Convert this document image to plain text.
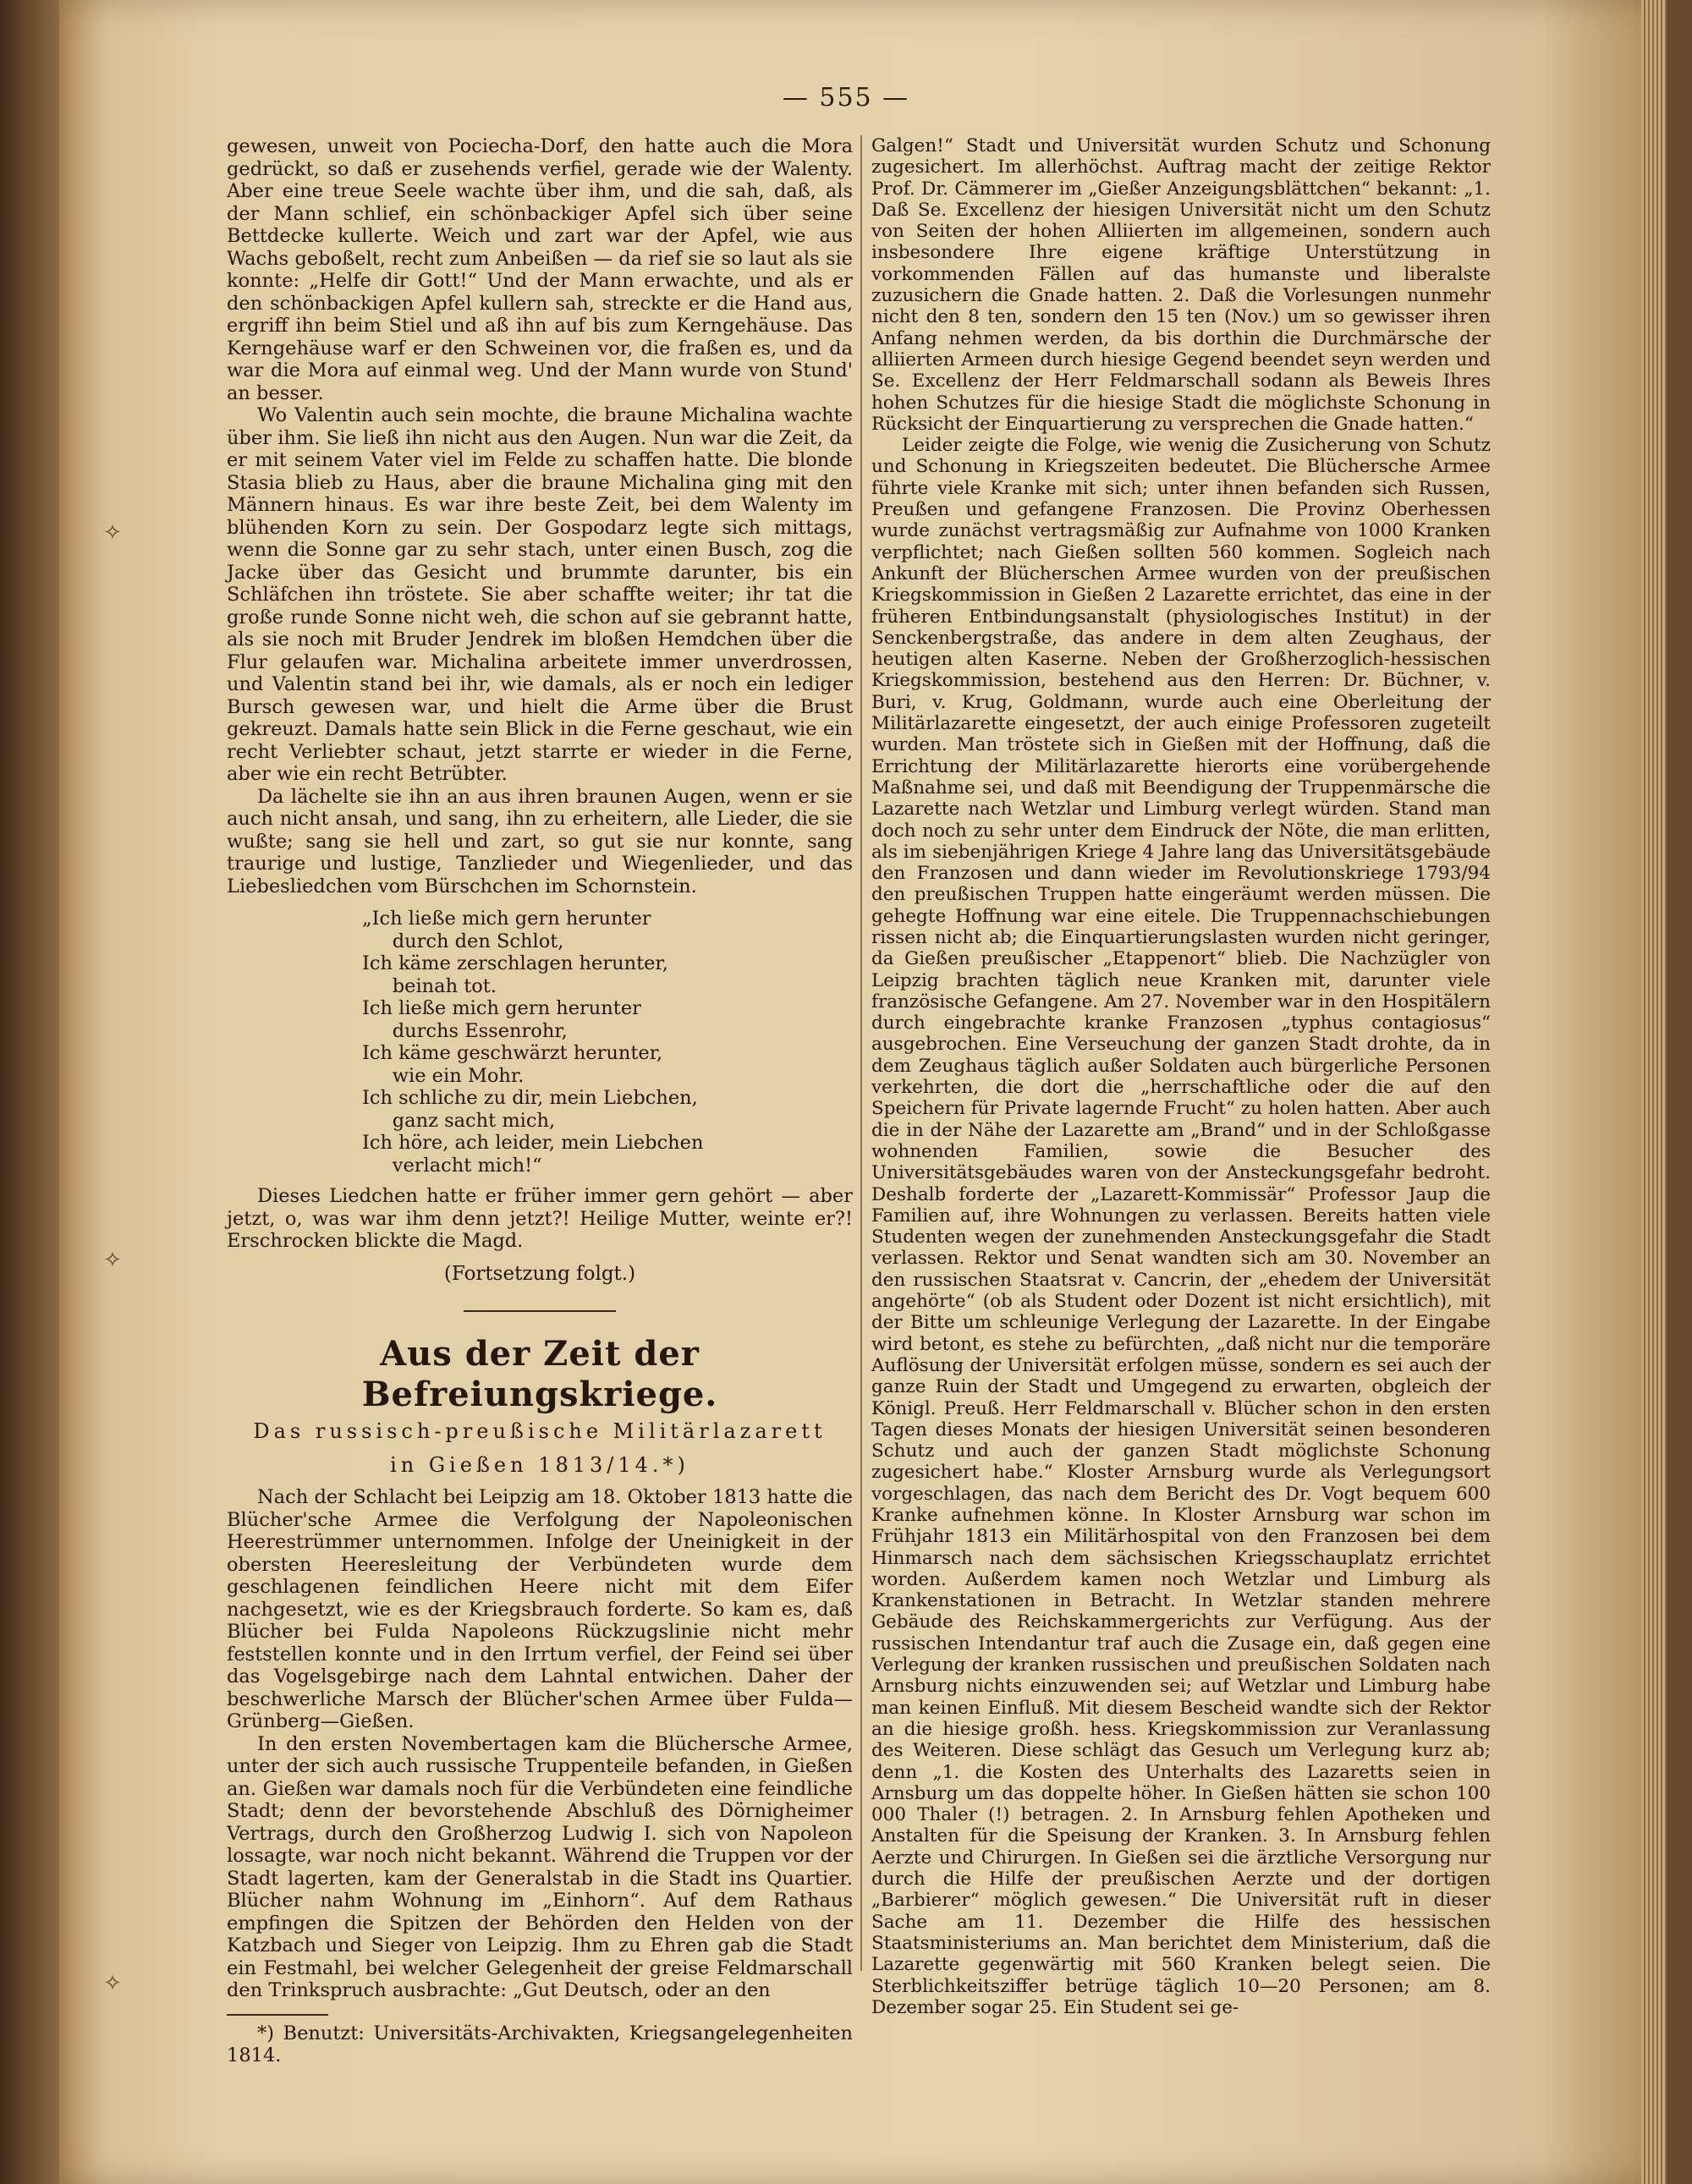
✧
✧
✧
— 555 —

gewesen, unweit von Pociecha-Dorf, den hatte auch die Mora gedrückt, so daß er zusehends verfiel, gerade wie der Walenty. Aber eine treue Seele wachte über ihm, und die sah, daß, als der Mann schlief, ein schönbackiger Apfel sich über seine Bettdecke kullerte. Weich und zart war der Apfel, wie aus Wachs geboßelt, recht zum Anbeißen — da rief sie so laut als sie konnte: „Helfe dir Gott!“ Und der Mann erwachte, und als er den schönbackigen Apfel kullern sah, streckte er die Hand aus, ergriff ihn beim Stiel und aß ihn auf bis zum Kerngehäuse. Das Kerngehäuse warf er den Schweinen vor, die fraßen es, und da war die Mora auf einmal weg. Und der Mann wurde von Stund' an besser.

Wo Valentin auch sein mochte, die braune Michalina wachte über ihm. Sie ließ ihn nicht aus den Augen. Nun war die Zeit, da er mit seinem Vater viel im Felde zu schaffen hatte. Die blonde Stasia blieb zu Haus, aber die braune Michalina ging mit den Männern hinaus. Es war ihre beste Zeit, bei dem Walenty im blühenden Korn zu sein. Der Gospodarz legte sich mittags, wenn die Sonne gar zu sehr stach, unter einen Busch, zog die Jacke über das Gesicht und brummte darunter, bis ein Schläfchen ihn tröstete. Sie aber schaffte weiter; ihr tat die große runde Sonne nicht weh, die schon auf sie gebrannt hatte, als sie noch mit Bruder Jendrek im bloßen Hemdchen über die Flur gelaufen war. Michalina arbeitete immer unverdrossen, und Valentin stand bei ihr, wie damals, als er noch ein lediger Bursch gewesen war, und hielt die Arme über die Brust gekreuzt. Damals hatte sein Blick in die Ferne geschaut, wie ein recht Verliebter schaut, jetzt starrte er wieder in die Ferne, aber wie ein recht Betrübter.

Da lächelte sie ihn an aus ihren braunen Augen, wenn er sie auch nicht ansah, und sang, ihn zu erheitern, alle Lieder, die sie wußte; sang sie hell und zart, so gut sie nur konnte, sang traurige und lustige, Tanzlieder und Wiegenlieder, und das Liebesliedchen vom Bürschchen im Schornstein.

„Ich ließe mich gern herunter
durch den Schlot,
Ich käme zerschlagen herunter,
beinah tot.
Ich ließe mich gern herunter
durchs Essenrohr,
Ich käme geschwärzt herunter,
wie ein Mohr.
Ich schliche zu dir, mein Liebchen,
ganz sacht mich,
Ich höre, ach leider, mein Liebchen
verlacht mich!“

Dieses Liedchen hatte er früher immer gern gehört — aber jetzt, o, was war ihm denn jetzt?! Heilige Mutter, weinte er?! Erschrocken blickte die Magd.

(Fortsetzung folgt.)
Aus der Zeit der Befreiungskriege.
Das russisch-preußische Militärlazarett
in Gießen 1813/14.*)

Nach der Schlacht bei Leipzig am 18. Oktober 1813 hatte die Blücher'sche Armee die Verfolgung der Napoleonischen Heerestrümmer unternommen. Infolge der Uneinigkeit in der obersten Heeresleitung der Verbündeten wurde dem geschlagenen feindlichen Heere nicht mit dem Eifer nachgesetzt, wie es der Kriegsbrauch forderte. So kam es, daß Blücher bei Fulda Napoleons Rückzugslinie nicht mehr feststellen konnte und in den Irrtum verfiel, der Feind sei über das Vogelsgebirge nach dem Lahntal entwichen. Daher der beschwerliche Marsch der Blücher'schen Armee über Fulda—Grünberg—Gießen.

In den ersten Novembertagen kam die Blüchersche Armee, unter der sich auch russische Truppenteile befanden, in Gießen an. Gießen war damals noch für die Verbündeten eine feindliche Stadt; denn der bevorstehende Abschluß des Dörnigheimer Vertrags, durch den Großherzog Ludwig I. sich von Napoleon lossagte, war noch nicht bekannt. Während die Truppen vor der Stadt lagerten, kam der Generalstab in die Stadt ins Quartier. Blücher nahm Wohnung im „Einhorn“. Auf dem Rathaus empfingen die Spitzen der Behörden den Helden von der Katzbach und Sieger von Leipzig. Ihm zu Ehren gab die Stadt ein Festmahl, bei welcher Gelegenheit der greise Feldmarschall den Trinkspruch ausbrachte: „Gut Deutsch, oder an den

*) Benutzt: Universitäts-Archivakten, Kriegsangelegenheiten 1814.

Galgen!“ Stadt und Universität wurden Schutz und Schonung zugesichert. Im allerhöchst. Auftrag macht der zeitige Rektor Prof. Dr. Cämmerer im „Gießer Anzeigungsblättchen“ bekannt: „1. Daß Se. Excellenz der hiesigen Universität nicht um den Schutz von Seiten der hohen Alliierten im allgemeinen, sondern auch insbesondere Ihre eigene kräftige Unterstützung in vorkommenden Fällen auf das humanste und liberalste zuzusichern die Gnade hatten. 2. Daß die Vorlesungen nunmehr nicht den 8 ten, sondern den 15 ten (Nov.) um so gewisser ihren Anfang nehmen werden, da bis dorthin die Durchmärsche der alliierten Armeen durch hiesige Gegend beendet seyn werden und Se. Excellenz der Herr Feldmarschall sodann als Beweis Ihres hohen Schutzes für die hiesige Stadt die möglichste Schonung in Rücksicht der Einquartierung zu versprechen die Gnade hatten.“

Leider zeigte die Folge, wie wenig die Zusicherung von Schutz und Schonung in Kriegszeiten bedeutet. Die Blüchersche Armee führte viele Kranke mit sich; unter ihnen befanden sich Russen, Preußen und gefangene Franzosen. Die Provinz Oberhessen wurde zunächst vertragsmäßig zur Aufnahme von 1000 Kranken verpflichtet; nach Gießen sollten 560 kommen. Sogleich nach Ankunft der Blücherschen Armee wurden von der preußischen Kriegskommission in Gießen 2 Lazarette errichtet, das eine in der früheren Entbindungsanstalt (physiologisches Institut) in der Senckenbergstraße, das andere in dem alten Zeughaus, der heutigen alten Kaserne. Neben der Großherzoglich-hessischen Kriegskommission, bestehend aus den Herren: Dr. Büchner, v. Buri, v. Krug, Goldmann, wurde auch eine Oberleitung der Militärlazarette eingesetzt, der auch einige Professoren zugeteilt wurden. Man tröstete sich in Gießen mit der Hoffnung, daß die Errichtung der Militärlazarette hierorts eine vorübergehende Maßnahme sei, und daß mit Beendigung der Truppenmärsche die Lazarette nach Wetzlar und Limburg verlegt würden. Stand man doch noch zu sehr unter dem Eindruck der Nöte, die man erlitten, als im siebenjährigen Kriege 4 Jahre lang das Universitätsgebäude den Franzosen und dann wieder im Revolutionskriege 1793/94 den preußischen Truppen hatte eingeräumt werden müssen. Die gehegte Hoffnung war eine eitele. Die Truppennachschiebungen rissen nicht ab; die Einquartierungslasten wurden nicht geringer, da Gießen preußischer „Etappenort“ blieb. Die Nachzügler von Leipzig brachten täglich neue Kranken mit, darunter viele französische Gefangene. Am 27. November war in den Hospitälern durch eingebrachte kranke Franzosen „typhus contagiosus“ ausgebrochen. Eine Verseuchung der ganzen Stadt drohte, da in dem Zeughaus täglich außer Soldaten auch bürgerliche Personen verkehrten, die dort die „herrschaftliche oder die auf den Speichern für Private lagernde Frucht“ zu holen hatten. Aber auch die in der Nähe der Lazarette am „Brand“ und in der Schloßgasse wohnenden Familien, sowie die Besucher des Universitätsgebäudes waren von der Ansteckungsgefahr bedroht. Deshalb forderte der „Lazarett-Kommissär“ Professor Jaup die Familien auf, ihre Wohnungen zu verlassen. Bereits hatten viele Studenten wegen der zunehmenden Ansteckungsgefahr die Stadt verlassen. Rektor und Senat wandten sich am 30. November an den russischen Staatsrat v. Cancrin, der „ehedem der Universität angehörte“ (ob als Student oder Dozent ist nicht ersichtlich), mit der Bitte um schleunige Verlegung der Lazarette. In der Eingabe wird betont, es stehe zu befürchten, „daß nicht nur die temporäre Auflösung der Universität erfolgen müsse, sondern es sei auch der ganze Ruin der Stadt und Umgegend zu erwarten, obgleich der Königl. Preuß. Herr Feldmarschall v. Blücher schon in den ersten Tagen dieses Monats der hiesigen Universität seinen besonderen Schutz und auch der ganzen Stadt möglichste Schonung zugesichert habe.“ Kloster Arnsburg wurde als Verlegungsort vorgeschlagen, das nach dem Bericht des Dr. Vogt bequem 600 Kranke aufnehmen könne. In Kloster Arnsburg war schon im Frühjahr 1813 ein Militärhospital von den Franzosen bei dem Hinmarsch nach dem sächsischen Kriegsschauplatz errichtet worden. Außerdem kamen noch Wetzlar und Limburg als Krankenstationen in Betracht. In Wetzlar standen mehrere Gebäude des Reichskammergerichts zur Verfügung. Aus der russischen Intendantur traf auch die Zusage ein, daß gegen eine Verlegung der kranken russischen und preußischen Soldaten nach Arnsburg nichts einzuwenden sei; auf Wetzlar und Limburg habe man keinen Einfluß. Mit diesem Bescheid wandte sich der Rektor an die hiesige großh. hess. Kriegskommission zur Veranlassung des Weiteren. Diese schlägt das Gesuch um Verlegung kurz ab; denn „1. die Kosten des Unterhalts des Lazaretts seien in Arnsburg um das doppelte höher. In Gießen hätten sie schon 100 000 Thaler (!) betragen. 2. In Arnsburg fehlen Apotheken und Anstalten für die Speisung der Kranken. 3. In Arnsburg fehlen Aerzte und Chirurgen. In Gießen sei die ärztliche Versorgung nur durch die Hilfe der preußischen Aerzte und der dortigen „Barbierer“ möglich gewesen.“ Die Universität ruft in dieser Sache am 11. Dezember die Hilfe des hessischen Staatsministeriums an. Man berichtet dem Ministerium, daß die Lazarette gegenwärtig mit 560 Kranken belegt seien. Die Sterblichkeitsziffer betrüge täglich 10—20 Personen; am 8. Dezember sogar 25. Ein Student sei ge-
